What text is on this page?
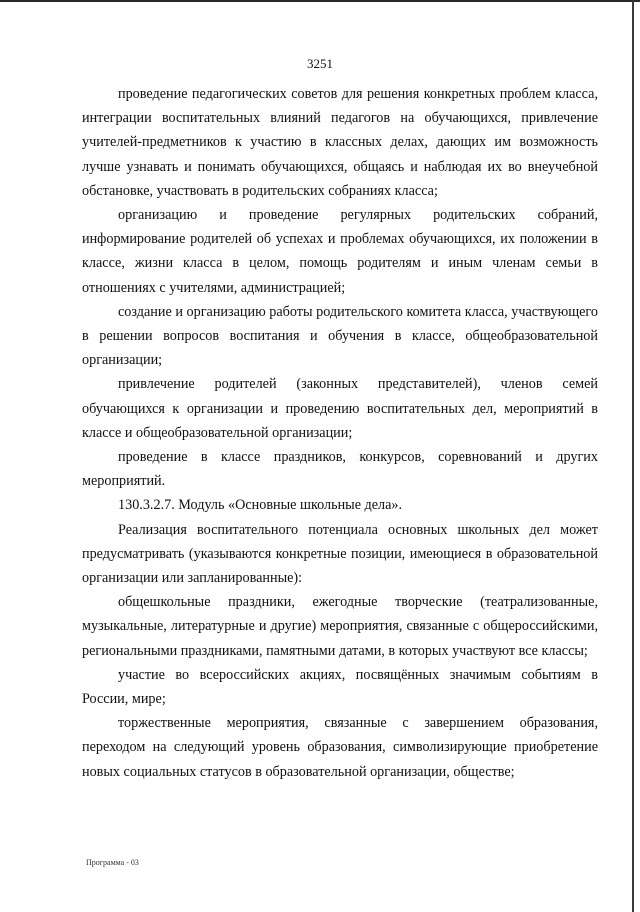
3251

проведение педагогических советов для решения конкретных проблем класса, интеграции воспитательных влияний педагогов на обучающихся, привлечение учителей-предметников к участию в классных делах, дающих им возможность лучше узнавать и понимать обучающихся, общаясь и наблюдая их во внеучебной обстановке, участвовать в родительских собраниях класса;

организацию и проведение регулярных родительских собраний, информирование родителей об успехах и проблемах обучающихся, их положении в классе, жизни класса в целом, помощь родителям и иным членам семьи в отношениях с учителями, администрацией;

создание и организацию работы родительского комитета класса, участвующего в решении вопросов воспитания и обучения в классе, общеобразовательной организации;

привлечение родителей (законных представителей), членов семей обучающихся к организации и проведению воспитательных дел, мероприятий в классе и общеобразовательной организации;

проведение в классе праздников, конкурсов, соревнований и других мероприятий.

130.3.2.7. Модуль «Основные школьные дела».

Реализация воспитательного потенциала основных школьных дел может предусматривать (указываются конкретные позиции, имеющиеся в образовательной организации или запланированные):

общешкольные праздники, ежегодные творческие (театрализованные, музыкальные, литературные и другие) мероприятия, связанные с общероссийскими, региональными праздниками, памятными датами, в которых участвуют все классы;

участие во всероссийских акциях, посвящённых значимым событиям в России, мире;

торжественные мероприятия, связанные с завершением образования, переходом на следующий уровень образования, символизирующие приобретение новых социальных статусов в образовательной организации, обществе;

Программа - 03
